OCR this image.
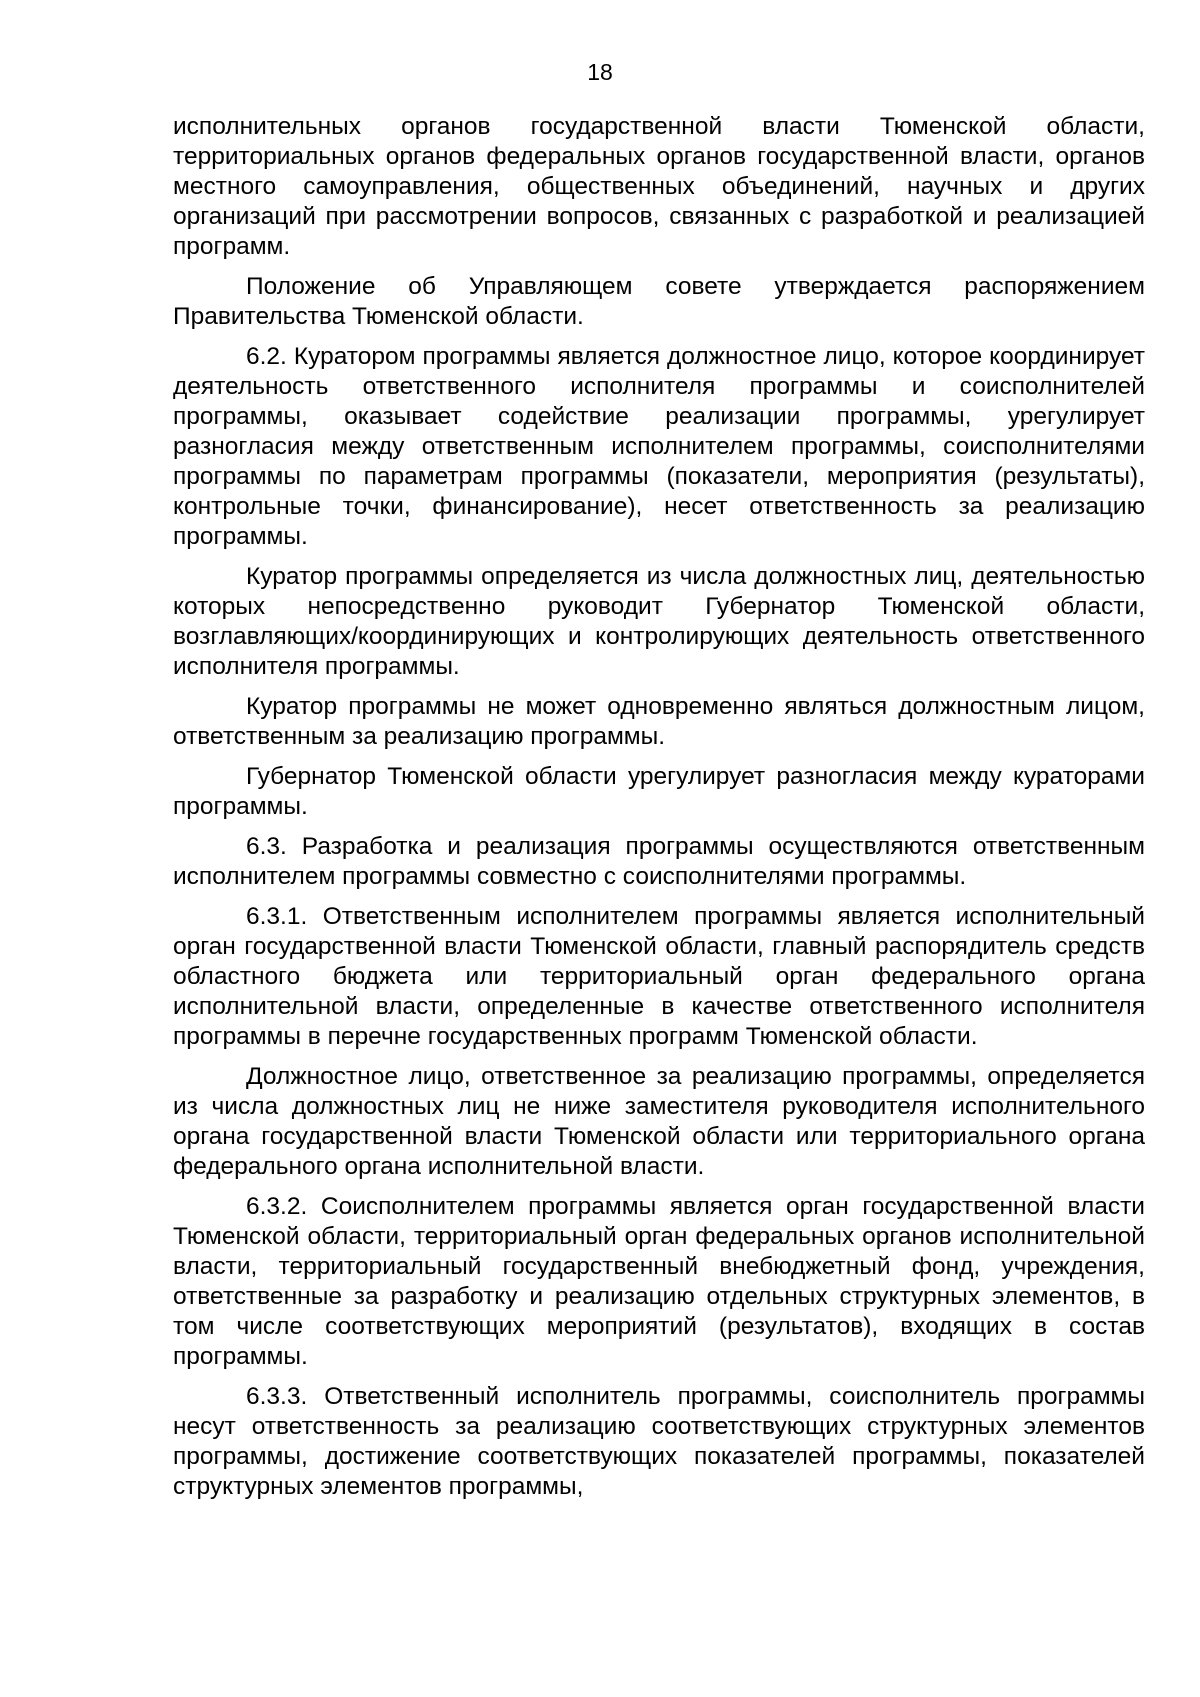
18

исполнительных органов государственной власти Тюменской области, территориальных органов федеральных органов государственной власти, органов местного самоуправления, общественных объединений, научных и других организаций при рассмотрении вопросов, связанных с разработкой и реализацией программ.

Положение об Управляющем совете утверждается распоряжением Правительства Тюменской области.

6.2. Куратором программы является должностное лицо, которое координирует деятельность ответственного исполнителя программы и соисполнителей программы, оказывает содействие реализации программы, урегулирует разногласия между ответственным исполнителем программы, соисполнителями программы по параметрам программы (показатели, мероприятия (результаты), контрольные точки, финансирование), несет ответственность за реализацию программы.

Куратор программы определяется из числа должностных лиц, деятельностью которых непосредственно руководит Губернатор Тюменской области, возглавляющих/координирующих и контролирующих деятельность ответственного исполнителя программы.

Куратор программы не может одновременно являться должностным лицом, ответственным за реализацию программы.

Губернатор Тюменской области урегулирует разногласия между кураторами программы.

6.3. Разработка и реализация программы осуществляются ответственным исполнителем программы совместно с соисполнителями программы.

6.3.1. Ответственным исполнителем программы является исполнительный орган государственной власти Тюменской области, главный распорядитель средств областного бюджета или территориальный орган федерального органа исполнительной власти, определенные в качестве ответственного исполнителя программы в перечне государственных программ Тюменской области.

Должностное лицо, ответственное за реализацию программы, определяется из числа должностных лиц не ниже заместителя руководителя исполнительного органа государственной власти Тюменской области или территориального органа федерального органа исполнительной власти.

6.3.2. Соисполнителем программы является орган государственной власти Тюменской области, территориальный орган федеральных органов исполнительной власти, территориальный государственный внебюджетный фонд, учреждения, ответственные за разработку и реализацию отдельных структурных элементов, в том числе соответствующих мероприятий (результатов), входящих в состав программы.

6.3.3. Ответственный исполнитель программы, соисполнитель программы несут ответственность за реализацию соответствующих структурных элементов программы, достижение соответствующих показателей программы, показателей структурных элементов программы,
